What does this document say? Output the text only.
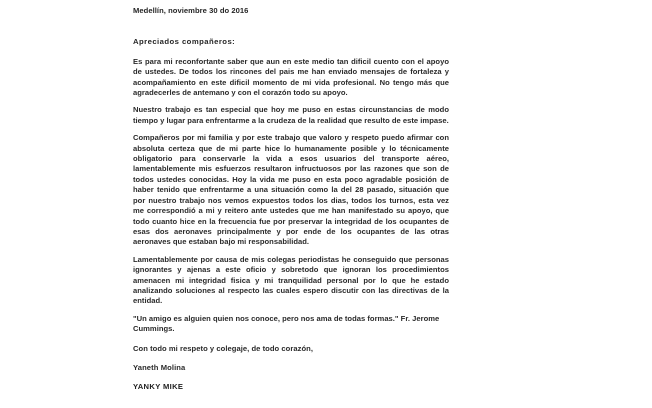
Medellín, noviembre 30 do 2016
Apreciados compañeros:

Es para mi reconfortante saber que aun en este medio tan dificil cuento con el apoyo de ustedes. De todos los rincones del pais me han enviado mensajes de fortaleza y acompañamiento en este dificil momento de mi vida profesional. No tengo más que agradecerles de antemano y con el corazón todo su apoyo.

Nuestro trabajo es tan especial que hoy me puso en estas circunstancias de modo tiempo y lugar para enfrentarme a la crudeza de la realidad que resulto de este impase.

Compañeros por mi familia y por este trabajo que valoro y respeto puedo afirmar con absoluta certeza que de mi parte hice lo humanamente posible y lo técnicamente obligatorio para conservarle la vida a esos usuarios del transporte aéreo, lamentablemente mis esfuerzos resultaron infructuosos por las razones que son de todos ustedes conocidas. Hoy la vida me puso en esta poco agradable posición de haber tenido que enfrentarme a una situación como la del 28 pasado, situación que por nuestro trabajo nos vemos expuestos todos los dias, todos los turnos, esta vez me correspondió a mi y reitero ante ustedes que me han manifestado su apoyo, que todo cuanto hice en la frecuencia fue por preservar la integridad de los ocupantes de esas dos aeronaves principalmente y por ende de los ocupantes de las otras aeronaves que estaban bajo mi responsabilidad.

Lamentablemente por causa de mis colegas periodistas he conseguido que personas ignorantes y ajenas a este oficio y sobretodo que ignoran los procedimientos amenacen mi integridad fisica y mi tranquilidad personal por lo que he estado analizando soluciones al respecto las cuales espero discutir con las directivas de la entidad.

"Un amigo es alguien quien nos conoce, pero nos ama de todas formas." Fr. Jerome Cummings.

Con todo mi respeto y colegaje, de todo corazón,

Yaneth Molina

YANKY MIKE
